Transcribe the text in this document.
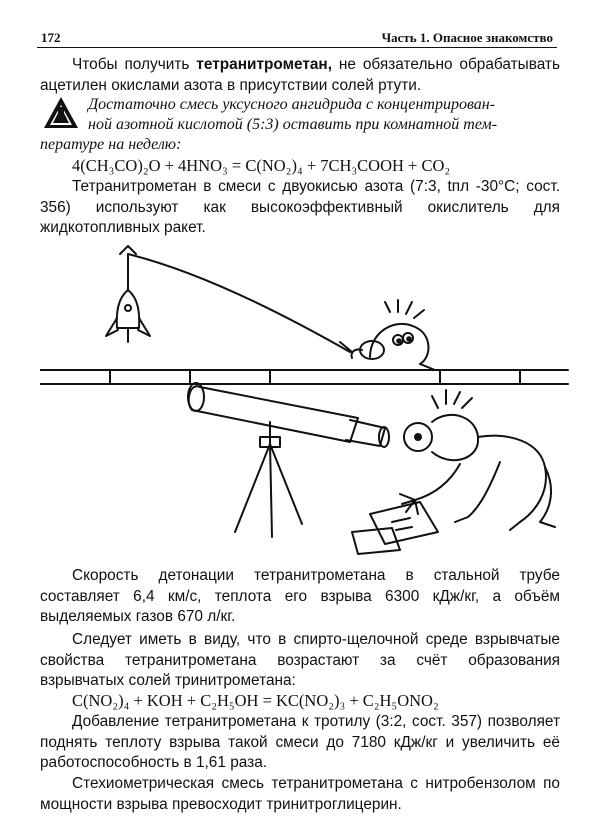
172	Часть 1. Опасное знакомство
Чтобы получить тетранитрометан, не обязательно обрабатывать ацетилен окислами азота в присутствии солей ртути.
Достаточно смесь уксусного ангидрида с концентрирован-
ной азотной кислотой (5:3) оставить при комнатной тем-
пературе на неделю:
4(CH₃CO)₂O + 4HNO₃ = C(NO₂)₄ + 7CH₃COOH + CO₂
Тетранитрометан в смеси с двуокисью азота (7:3, tпл -30°С; сост. 356) используют как высокоэффективный окислитель для жидкотопливных ракет.
Скорость детонации тетранитрометана в стальной трубе составляет 6,4 км/с, теплота его взрыва 6300 кДж/кг, а объём выделяемых газов 670 л/кг.
Следует иметь в виду, что в спирто-щелочной среде взрывчатые свойства тетранитрометана возрастают за счёт образования взрывчатых солей тринитрометана:
C(NO₂)₄ + KOH + C₂H₅OH = KC(NO₂)₃ + C₂H₅ONO₂
Добавление тетранитрометана к тротилу (3:2, сост. 357) позволяет поднять теплоту взрыва такой смеси до 7180 кДж/кг и увеличить её работоспособность в 1,61 раза.
Стехиометрическая смесь тетранитрометана с нитробензолом по мощности взрыва превосходит тринитроглицерин.
